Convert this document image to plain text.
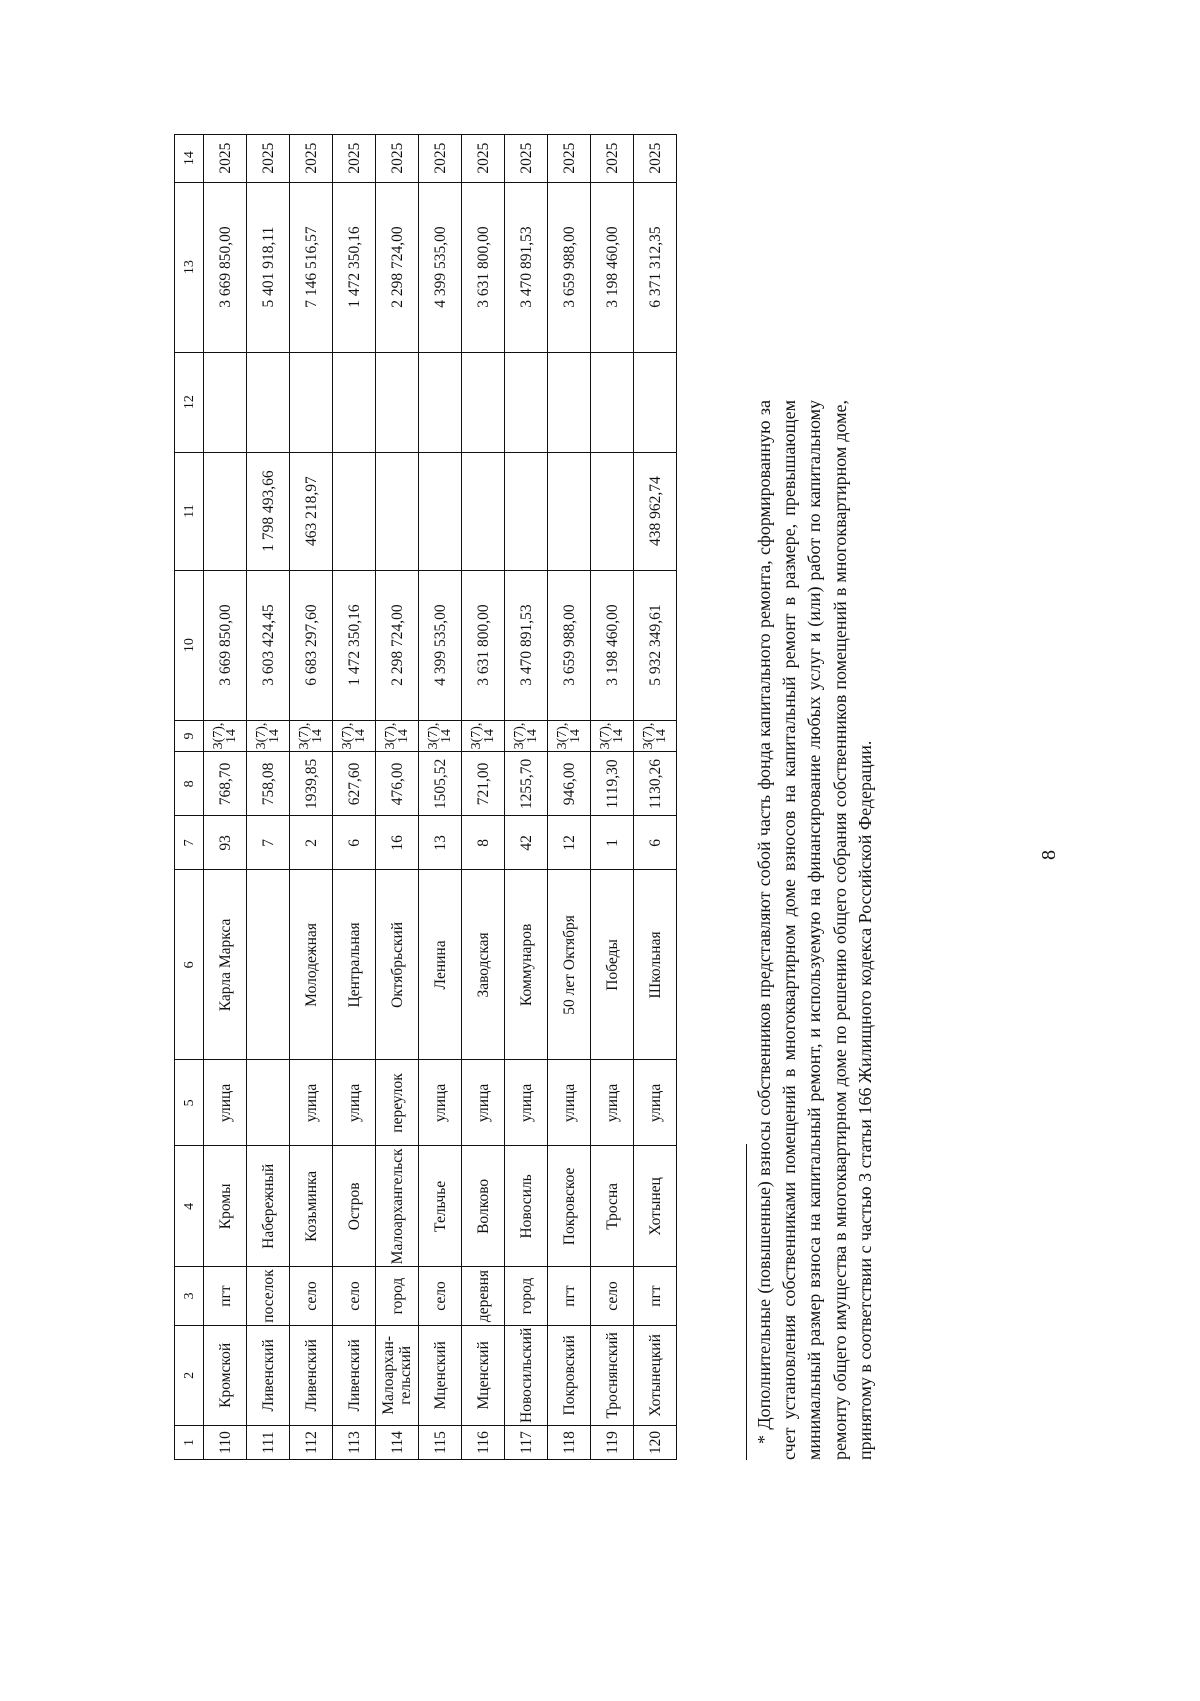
8
1	2	3	4	5	6	7	8	9	10	11	12	13	14
110	Кромской	пгт	Кромы	улица	Карла Маркса	93	768,70	3(7), 14	3 669 850,00			3 669 850,00	2025
111	Ливенский	поселок	Набережный			7	758,08	3(7), 14	3 603 424,45	1 798 493,66		5 401 918,11	2025
112	Ливенский	село	Козьминка	улица	Молодежная	2	1939,85	3(7), 14	6 683 297,60	463 218,97		7 146 516,57	2025
113	Ливенский	село	Остров	улица	Центральная	6	627,60	3(7), 14	1 472 350,16			1 472 350,16	2025
114	Малоархан-гельский	город	Малоархангельск	переулок	Октябрьский	16	476,00	3(7), 14	2 298 724,00			2 298 724,00	2025
115	Мценский	село	Тельчье	улица	Ленина	13	1505,52	3(7), 14	4 399 535,00			4 399 535,00	2025
116	Мценский	деревня	Волково	улица	Заводская	8	721,00	3(7), 14	3 631 800,00			3 631 800,00	2025
117	Новосильский	город	Новосиль	улица	Коммунаров	42	1255,70	3(7), 14	3 470 891,53			3 470 891,53	2025
118	Покровский	пгт	Покровское	улица	50 лет Октября	12	946,00	3(7), 14	3 659 988,00			3 659 988,00	2025
119	Троснянский	село	Тросна	улица	Победы	1	1119,30	3(7), 14	3 198 460,00			3 198 460,00	2025
120	Хотынецкий	пгт	Хотынец	улица	Школьная	6	1130,26	3(7), 14	5 932 349,61	438 962,74		6 371 312,35	2025
* Дополнительные (повышенные) взносы собственников представляют собой часть фонда капитального ремонта, сформированную за счет установления собственниками помещений в многоквартирном доме взносов на капитальный ремонт в размере, превышающем минимальный размер взноса на капитальный ремонт, и используемую на финансирование любых услуг и (или) работ по капитальному ремонту общего имущества в многоквартирном доме по решению общего собрания собственников помещений в многоквартирном доме, принятому в соответствии с частью 3 статьи 166 Жилищного кодекса Российской Федерации.
